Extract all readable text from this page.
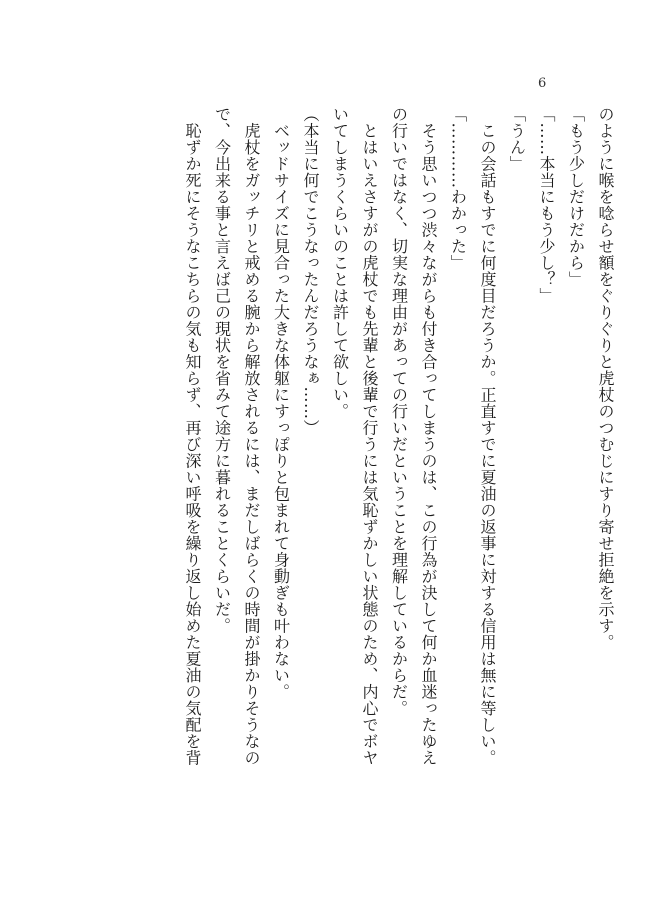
6
のように喉を唸らせ額をぐりぐりと虎杖のつむじにすり寄せ拒絶を示す。
「もう少しだけだから」
「……本当にもう少し？」
「うん」
　この会話もすでに何度目だろうか。正直すでに夏油の返事に対する信用は無に等しい。
「…………わかった」
　そう思いつつ渋々ながらも付き合ってしまうのは、この行為が決して何か血迷ったゆえ
の行いではなく、切実な理由があっての行いだということを理解しているからだ。
　とはいえさすがの虎杖でも先輩と後輩で行うには気恥ずかしい状態のため、内心でボヤ
いてしまうくらいのことは許して欲しい。
（本当に何でこうなったんだろうなぁ……）
　ベッドサイズに見合った大きな体躯にすっぽりと包まれて身動ぎも叶わない。
　虎杖をガッチリと戒める腕から解放されるには、まだしばらくの時間が掛かりそうなの
で、今出来る事と言えば己の現状を省みて途方に暮れることくらいだ。
　恥ずか死にそうなこちらの気も知らず、再び深い呼吸を繰り返し始めた夏油の気配を背
